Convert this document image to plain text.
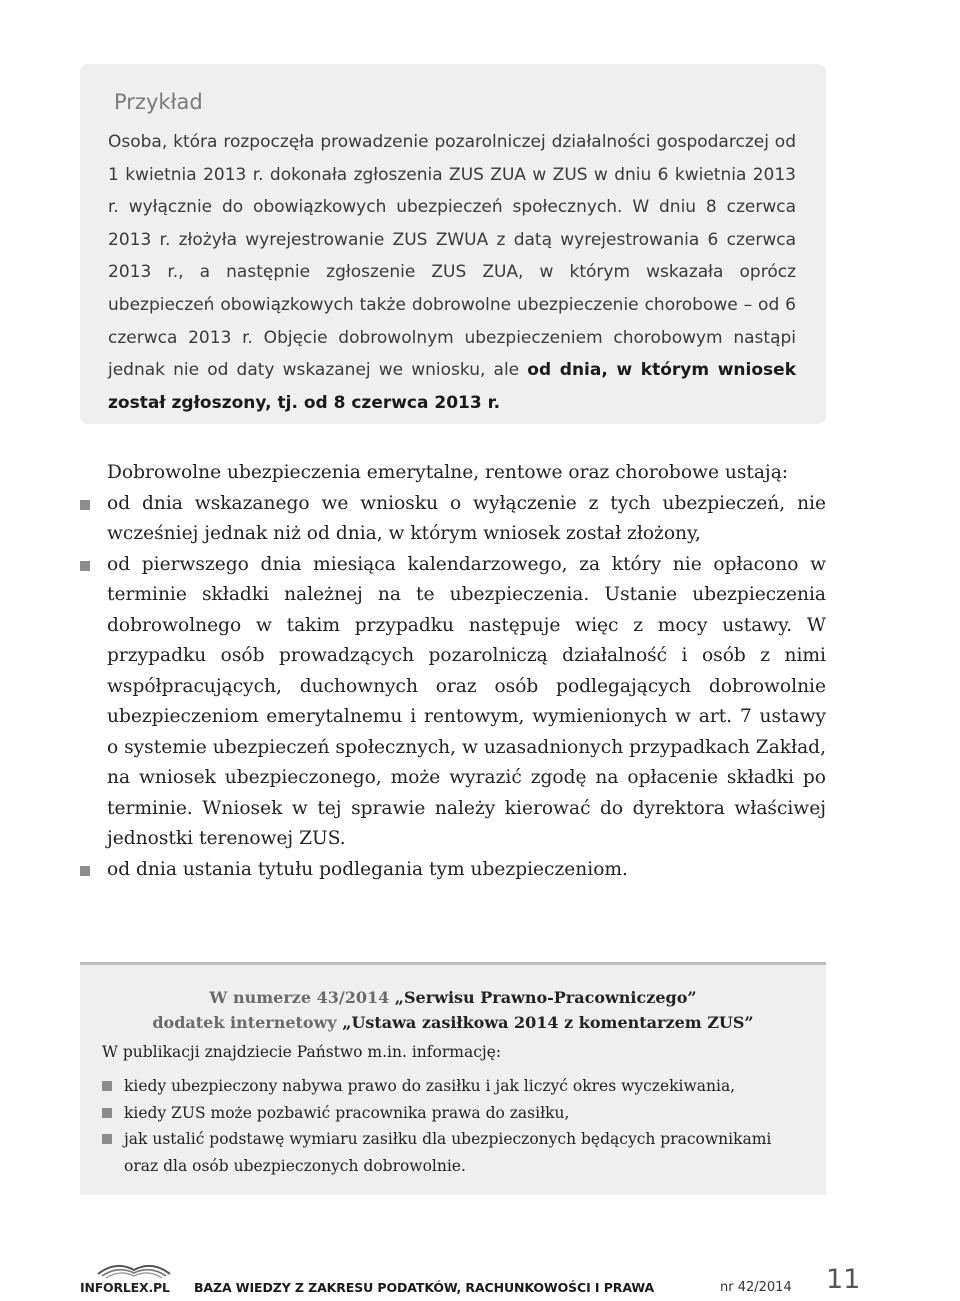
Przykład

Osoba, która rozpoczęła prowadzenie pozarolniczej działalności gospodarczej od 1 kwietnia 2013 r. dokonała zgłoszenia ZUS ZUA w ZUS w dniu 6 kwietnia 2013 r. wyłącznie do obowiązkowych ubezpieczeń społecznych. W dniu 8 czerwca 2013 r. złożyła wyrejestrowanie ZUS ZWUA z datą wyrejestrowania 6 czerwca 2013 r., a następnie zgłoszenie ZUS ZUA, w którym wskazała oprócz ubezpieczeń obowiązkowych także dobrowolne ubezpieczenie chorobowe – od 6 czerwca 2013 r. Objęcie dobrowolnym ubezpieczeniem chorobowym nastąpi jednak nie od daty wskazanej we wniosku, ale od dnia, w którym wniosek został zgłoszony, tj. od 8 czerwca 2013 r.

Dobrowolne ubezpieczenia emerytalne, rentowe oraz chorobowe ustają:

od dnia wskazanego we wniosku o wyłączenie z tych ubezpieczeń, nie wcześniej jednak niż od dnia, w którym wniosek został złożony,
od pierwszego dnia miesiąca kalendarzowego, za który nie opłacono w terminie składki należnej na te ubezpieczenia. Ustanie ubezpieczenia dobrowolnego w takim przypadku następuje więc z mocy ustawy. W przypadku osób prowadzących pozarolniczą działalność i osób z nimi współpracujących, duchownych oraz osób podlegających dobrowolnie ubezpieczeniom emerytalnemu i rentowym, wymienionych w art. 7 ustawy o systemie ubezpieczeń społecznych, w uzasadnionych przypadkach Zakład, na wniosek ubezpieczonego, może wyrazić zgodę na opłacenie składki po terminie. Wniosek w tej sprawie należy kierować do dyrektora właściwej jednostki terenowej ZUS.
od dnia ustania tytułu podlegania tym ubezpieczeniom.
W numerze 43/2014 „Serwisu Prawno-Pracowniczego”
dodatek internetowy „Ustawa zasiłkowa 2014 z komentarzem ZUS”
W publikacji znajdziecie Państwo m.in. informację:
kiedy ubezpieczony nabywa prawo do zasiłku i jak liczyć okres wyczekiwania,
kiedy ZUS może pozbawić pracownika prawa do zasiłku,
jak ustalić podstawę wymiaru zasiłku dla ubezpieczonych będących pracownikami oraz dla osób ubezpieczonych dobrowolnie.
INFORLEX.PL BAZA WIEDZY Z ZAKRESU PODATKÓW, RACHUNKOWOŚCI I PRAWA	nr 42/2014 11
